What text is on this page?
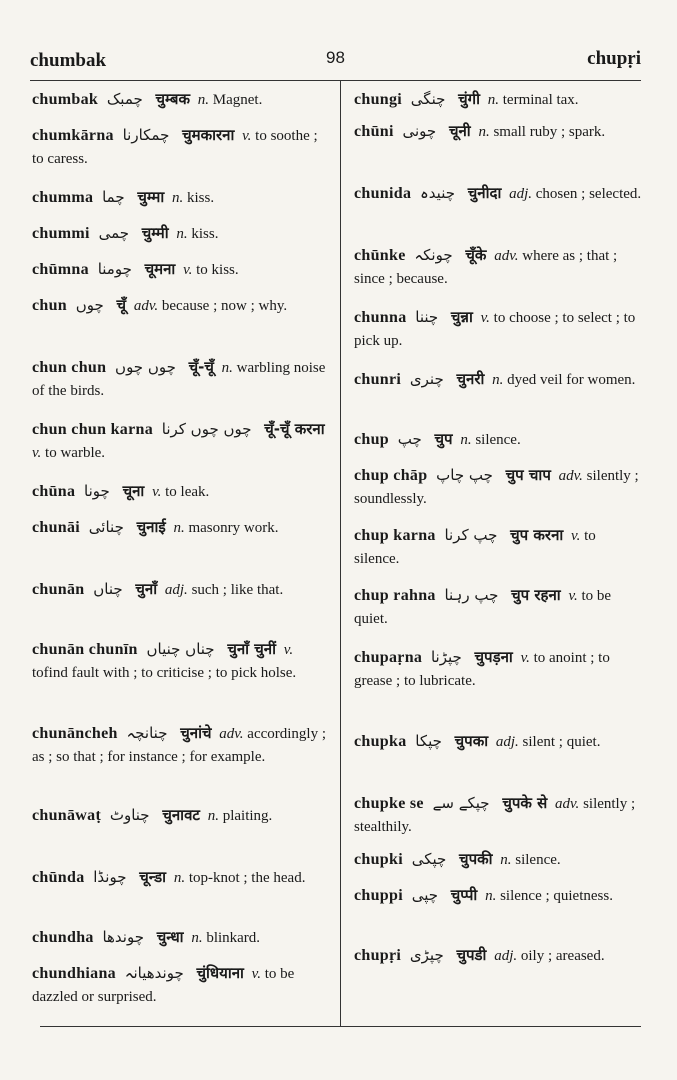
chumbak	98	chupṛi
chumbak چمبک चुम्बक n. Magnet.
chumkārna چمکارنا चुमकारना v. to soothe ; to caress.
chumma چما चुम्मा n. kiss.
chummi چمی चुम्मी n. kiss.
chūmna چومنا चूमना v. to kiss.
chun چوں चूँ adv. because ; now ; why.
chun chun چوں چوں चूँ-चूँ n. warbling noise of the birds.
chun chun karna چوں چوں کرنا चूँ-चूँ करना v. to warble.
chūna چونا चूना v. to leak.
chunāi چنائی चुनाई n. masonry work.
chunān چناں चुनाँ adj. such ; like that.
chunān chunīn چناں چنیاں चुनाँ चुनीं v. tofind fault with ; to criticise ; to pick holse.
chunāncheh چنانچہ चुनांचे adv. accordingly ; as ; so that ; for instance ; for example.
chunāwaṭ چناوٹ चुनावट n. plaiting.
chūnda چونڈا चून्डा n. top-knot ; the head.
chundha چوندھا चुन्धा n. blinkard.
chundhiana چوندھیانہ चुंधियाना v. to be dazzled or surprised.
chungi چنگی चुंगी n. terminal tax.
chūni چونی चूनी n. small ruby ; spark.
chunida چنیدہ चुनीदा adj. chosen ; selected.
chūnke چونکہ चूँके adv. where as ; that ; since ; because.
chunna چننا चुन्ना v. to choose ; to select ; to pick up.
chunri چنری चुनरी n. dyed veil for women.
chup چپ चुप n. silence.
chup chāp چپ چاپ चुप चाप adv. silently ; soundlessly.
chup karna چپ کرنا चुप करना v. to silence.
chup rahna چپ رہنا चुप रहना v. to be quiet.
chupaṛna چپڑنا चुपड़ना v. to anoint ; to grease ; to lubricate.
chupka چپکا चुपका adj. silent ; quiet.
chupke se چپکے سے चुपके से adv. silently ; stealthily.
chupki چپکی चुपकी n. silence.
chuppi چپی चुप्पी n. silence ; quietness.
chupṛi چپڑی चुपडी adj. oily ; areased.
